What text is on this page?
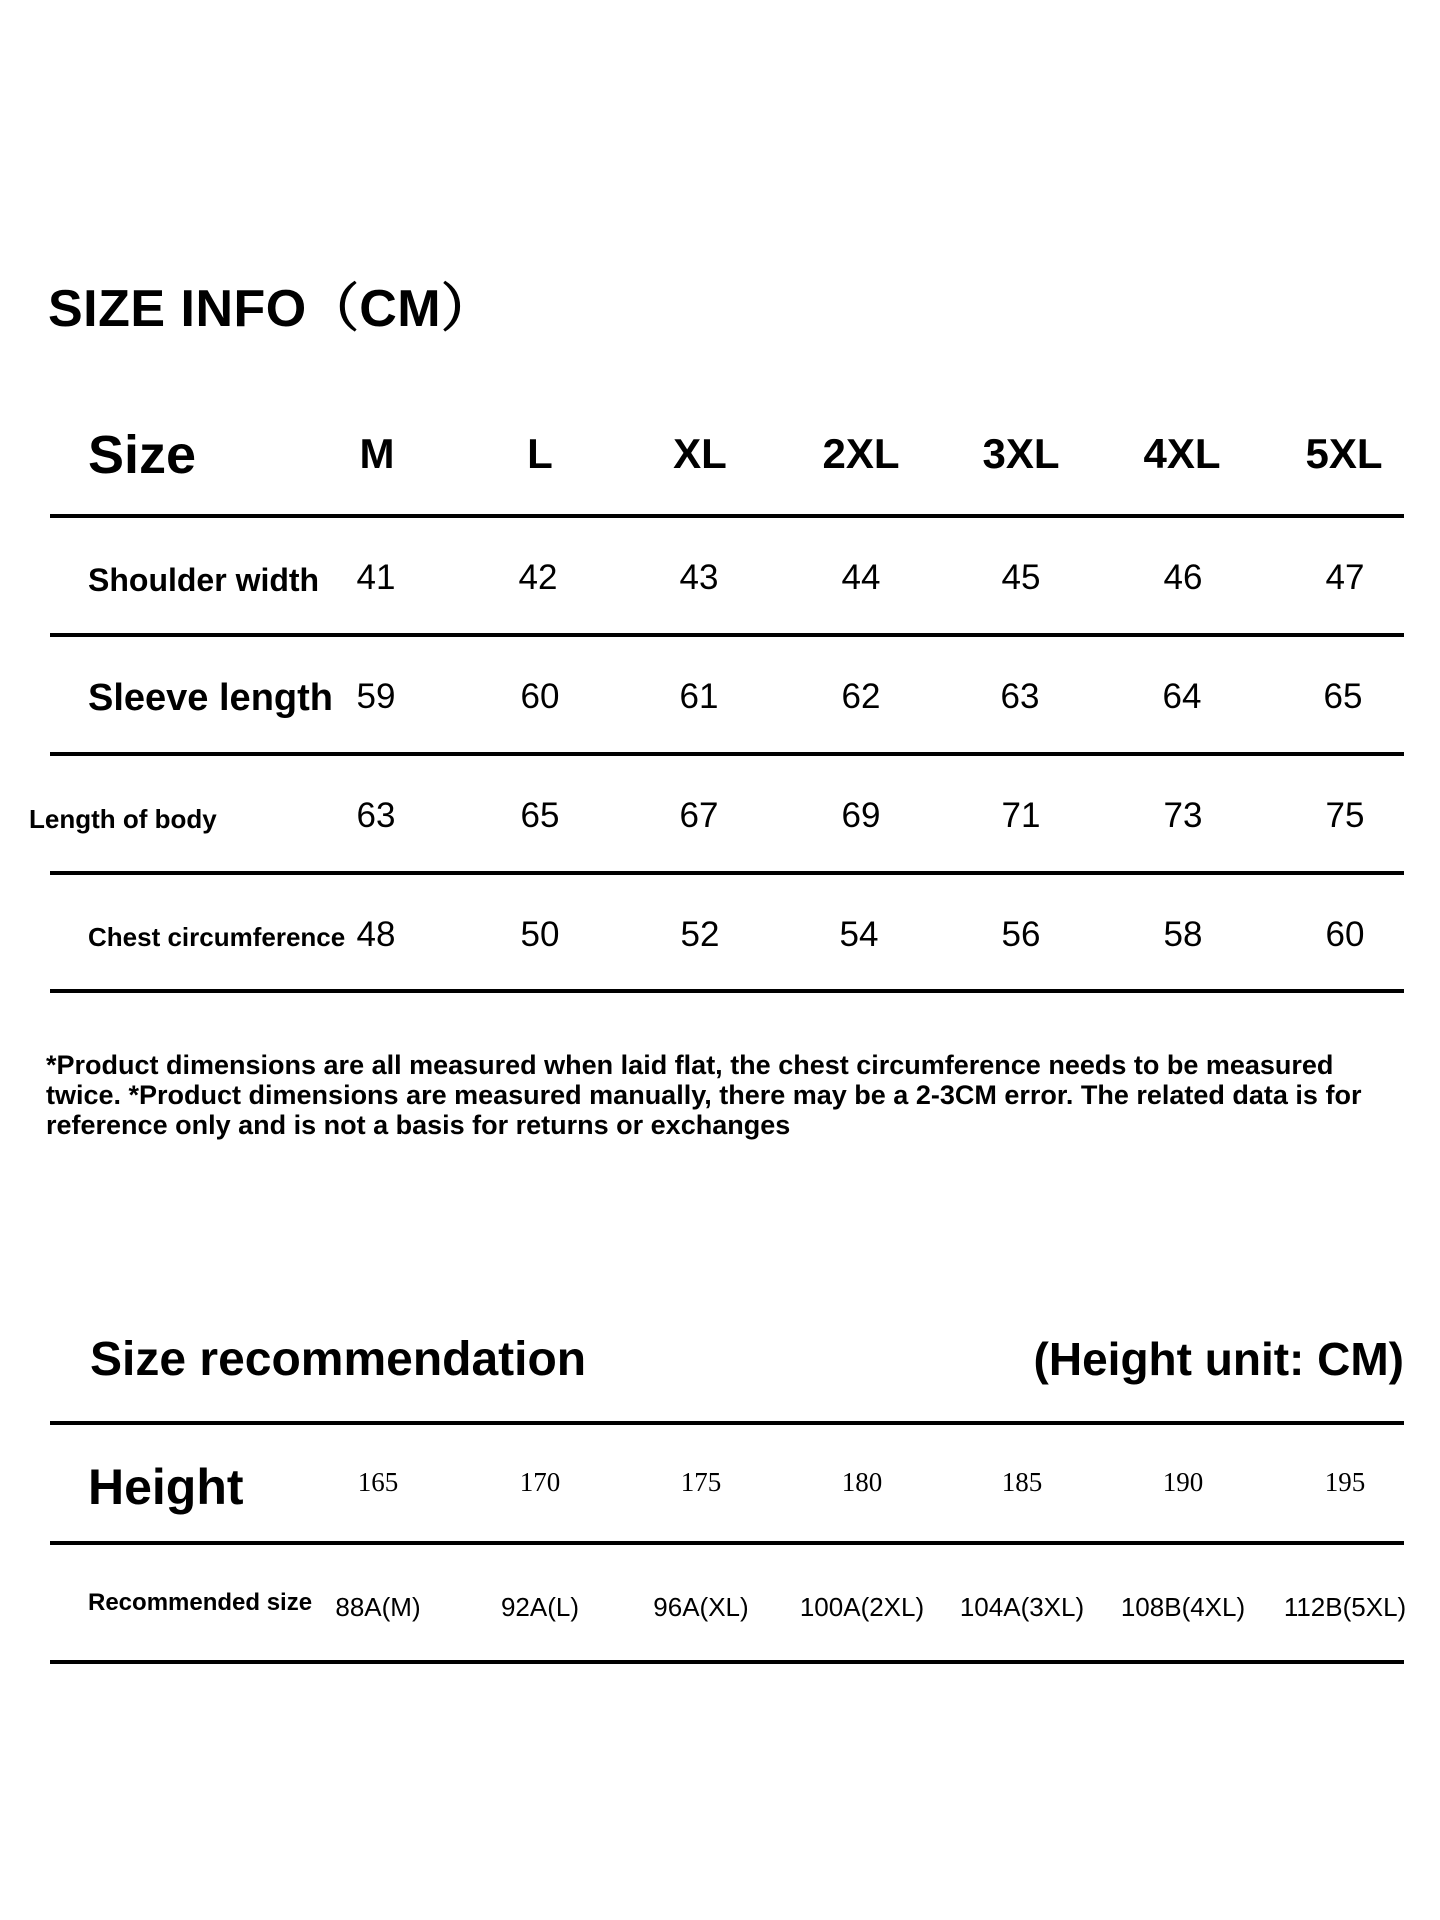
SIZE INFO（CM）
Size	M	L	XL	2XL	3XL	4XL	5XL
Shoulder width	41	42	43	44	45	46	47
Sleeve length 59	60	61	62	63	64	65
Length of body	63	65	67	69	71	73	75
Chest circumference 48	50	52	54	56	58	60
*Product dimensions are all measured when laid flat, the chest circumference needs to be measured twice. *Product dimensions are measured manually, there may be a 2-3CM error. The related data is for reference only and is not a basis for returns or exchanges
Size recommendation	(Height unit: CM)
Height	165	170	175	180	185	190	195
Recommended size 88A(M)	92A(L)	96A(XL)	100A(2XL)	104A(3XL)	108B(4XL)	112B(5XL)
